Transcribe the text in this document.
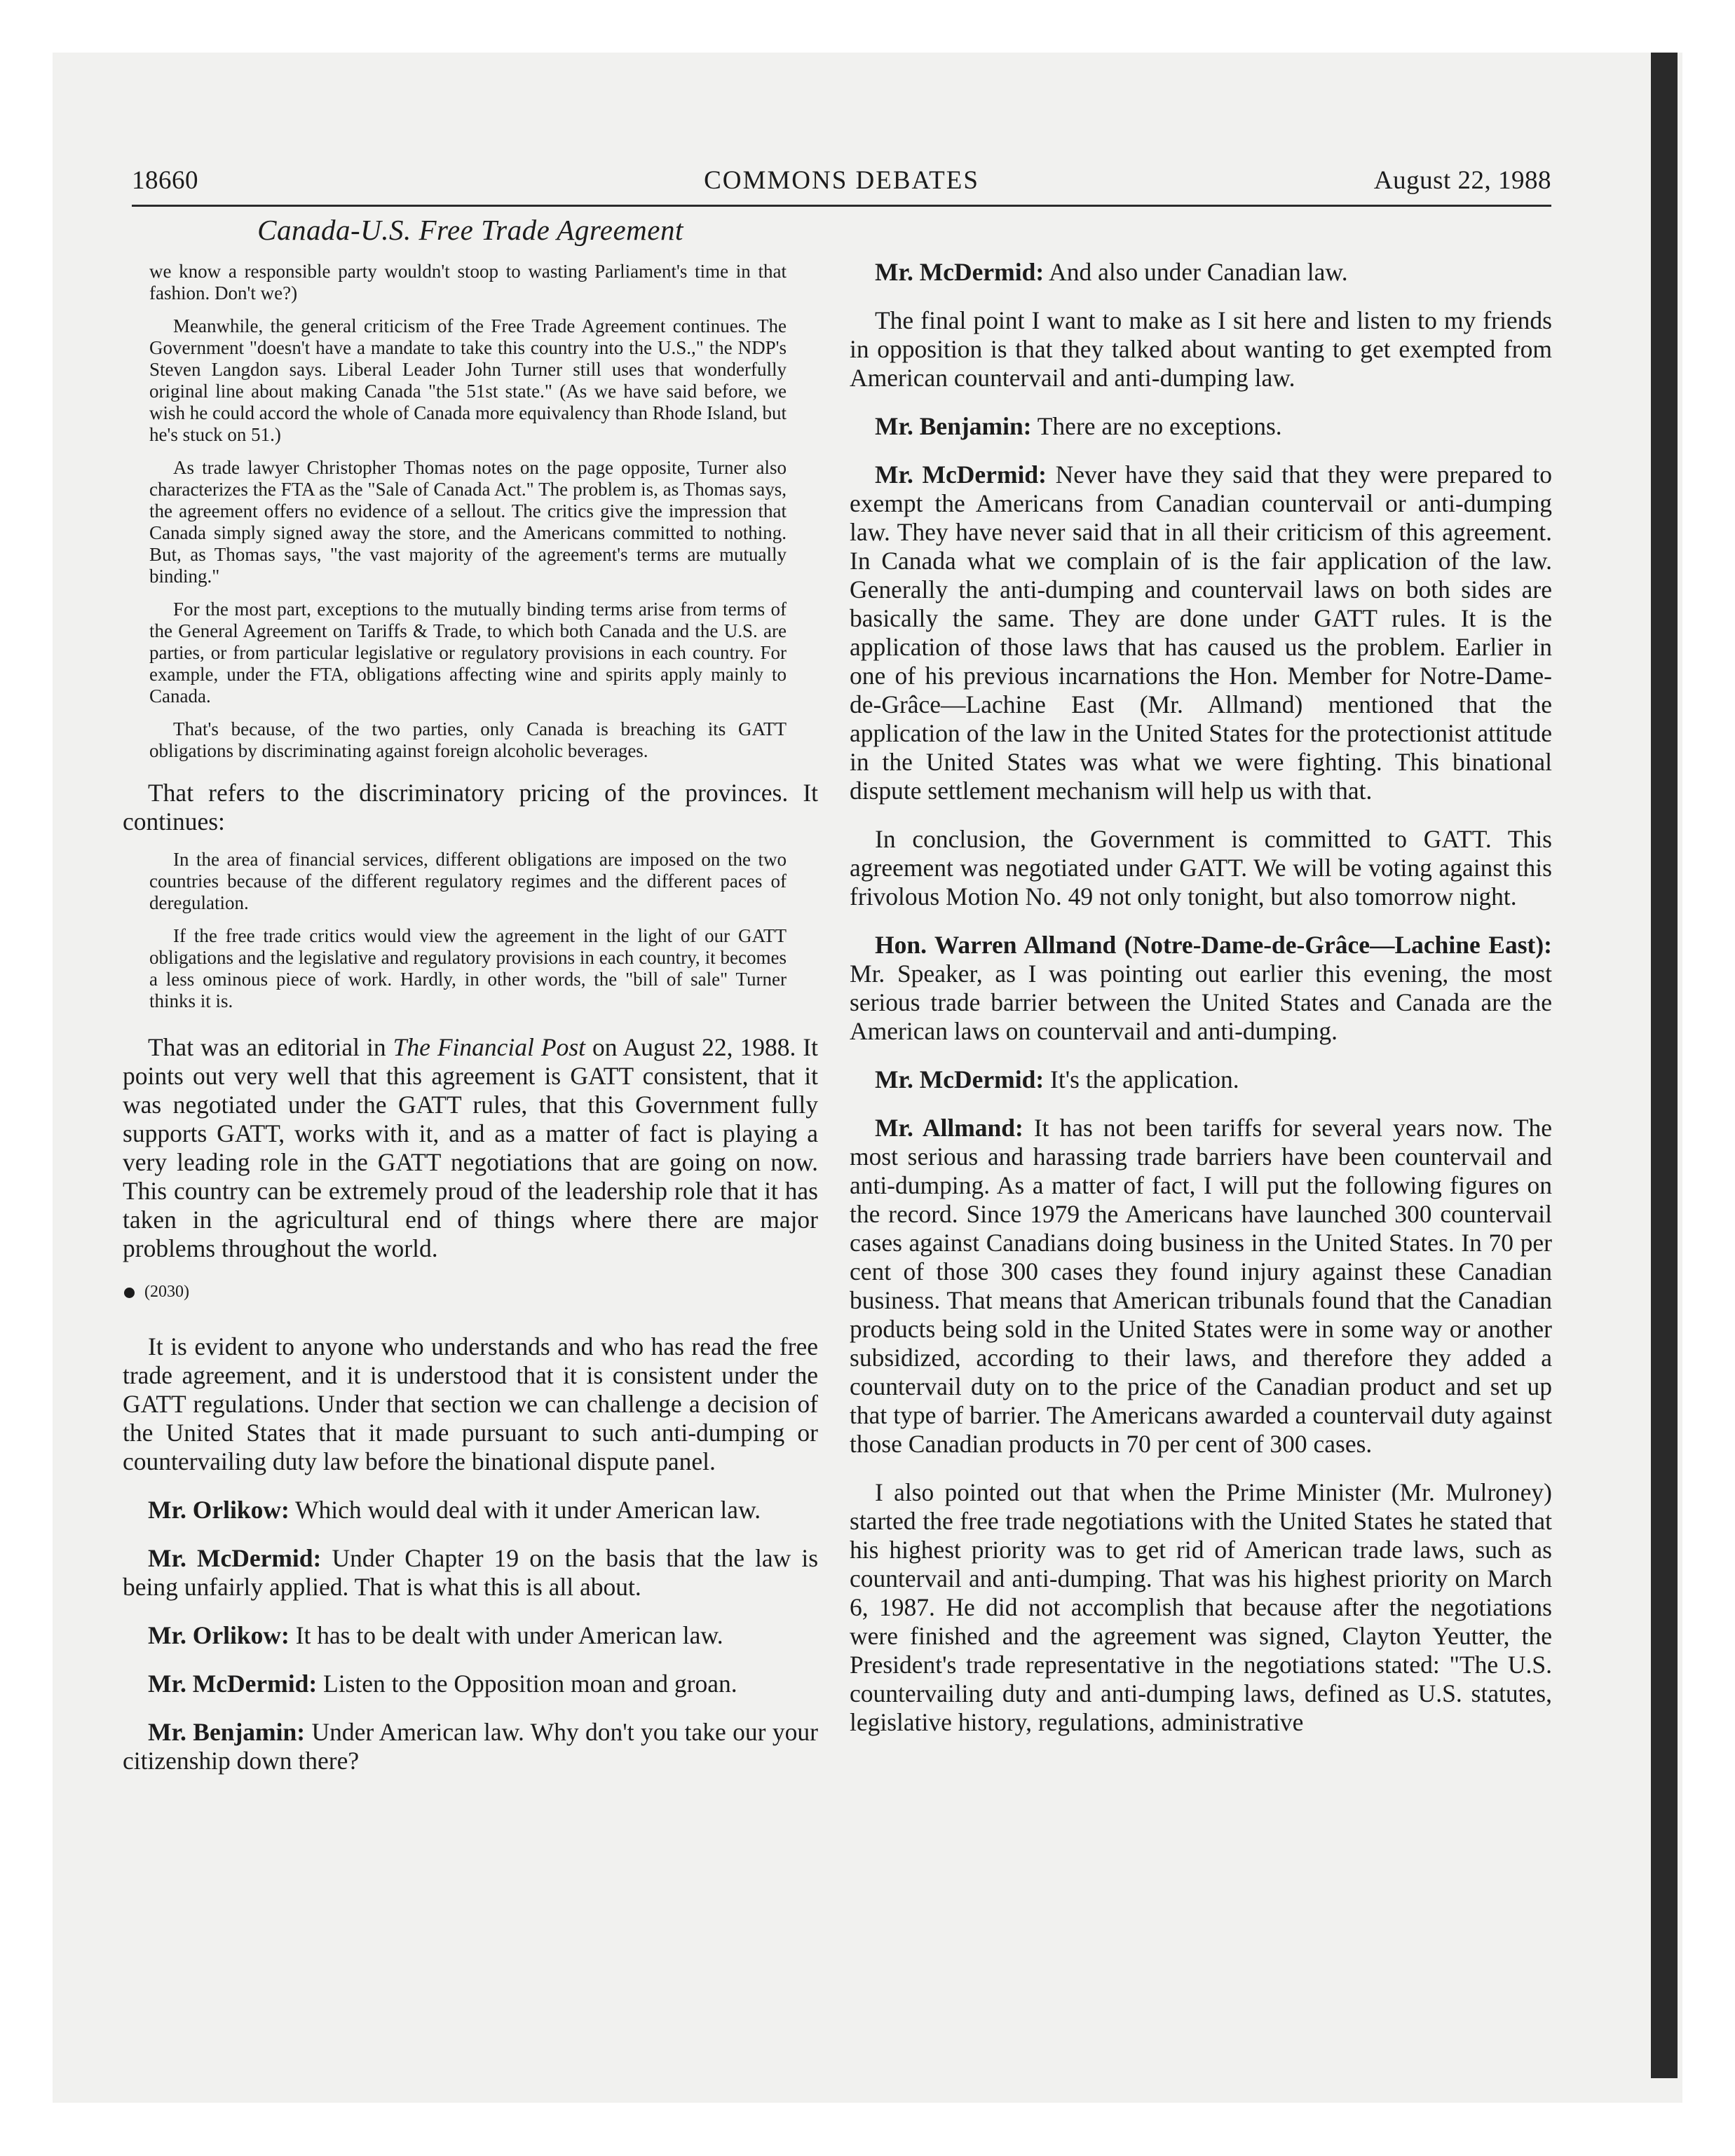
18660	COMMONS DEBATES	August 22, 1988
Canada-U.S. Free Trade Agreement

we know a responsible party wouldn't stoop to wasting Parliament's time in that fashion. Don't we?)

Meanwhile, the general criticism of the Free Trade Agreement continues. The Government "doesn't have a mandate to take this country into the U.S.," the NDP's Steven Langdon says. Liberal Leader John Turner still uses that wonderfully original line about making Canada "the 51st state." (As we have said before, we wish he could accord the whole of Canada more equivalency than Rhode Island, but he's stuck on 51.)

As trade lawyer Christopher Thomas notes on the page opposite, Turner also characterizes the FTA as the "Sale of Canada Act." The problem is, as Thomas says, the agreement offers no evidence of a sellout. The critics give the impression that Canada simply signed away the store, and the Americans committed to nothing. But, as Thomas says, "the vast majority of the agreement's terms are mutually binding."

For the most part, exceptions to the mutually binding terms arise from terms of the General Agreement on Tariffs & Trade, to which both Canada and the U.S. are parties, or from particular legislative or regulatory provisions in each country. For example, under the FTA, obligations affecting wine and spirits apply mainly to Canada.

That's because, of the two parties, only Canada is breaching its GATT obligations by discriminating against foreign alcoholic beverages.

That refers to the discriminatory pricing of the provinces. It continues:

In the area of financial services, different obligations are imposed on the two countries because of the different regulatory regimes and the different paces of deregulation.

If the free trade critics would view the agreement in the light of our GATT obligations and the legislative and regulatory provisions in each country, it becomes a less ominous piece of work. Hardly, in other words, the "bill of sale" Turner thinks it is.

That was an editorial in The Financial Post on August 22, 1988. It points out very well that this agreement is GATT consistent, that it was negotiated under the GATT rules, that this Government fully supports GATT, works with it, and as a matter of fact is playing a very leading role in the GATT negotiations that are going on now. This country can be extremely proud of the leadership role that it has taken in the agricultural end of things where there are major problems throughout the world.

(2030)

It is evident to anyone who understands and who has read the free trade agreement, and it is understood that it is consistent under the GATT regulations. Under that section we can challenge a decision of the United States that it made pursuant to such anti-dumping or countervailing duty law before the binational dispute panel.

Mr. Orlikow: Which would deal with it under American law.

Mr. McDermid: Under Chapter 19 on the basis that the law is being unfairly applied. That is what this is all about.

Mr. Orlikow: It has to be dealt with under American law.

Mr. McDermid: Listen to the Opposition moan and groan.

Mr. Benjamin: Under American law. Why don't you take our your citizenship down there?

Mr. McDermid: And also under Canadian law.

The final point I want to make as I sit here and listen to my friends in opposition is that they talked about wanting to get exempted from American countervail and anti-dumping law.

Mr. Benjamin: There are no exceptions.

Mr. McDermid: Never have they said that they were prepared to exempt the Americans from Canadian countervail or anti-dumping law. They have never said that in all their criticism of this agreement. In Canada what we complain of is the fair application of the law. Generally the anti-dumping and countervail laws on both sides are basically the same. They are done under GATT rules. It is the application of those laws that has caused us the problem. Earlier in one of his previous incarnations the Hon. Member for Notre-Dame-de-Grâce—Lachine East (Mr. Allmand) mentioned that the application of the law in the United States for the protectionist attitude in the United States was what we were fighting. This binational dispute settlement mechanism will help us with that.

In conclusion, the Government is committed to GATT. This agreement was negotiated under GATT. We will be voting against this frivolous Motion No. 49 not only tonight, but also tomorrow night.

Hon. Warren Allmand (Notre-Dame-de-Grâce—Lachine East): Mr. Speaker, as I was pointing out earlier this evening, the most serious trade barrier between the United States and Canada are the American laws on countervail and anti-dumping.

Mr. McDermid: It's the application.

Mr. Allmand: It has not been tariffs for several years now. The most serious and harassing trade barriers have been countervail and anti-dumping. As a matter of fact, I will put the following figures on the record. Since 1979 the Americans have launched 300 countervail cases against Canadians doing business in the United States. In 70 per cent of those 300 cases they found injury against these Canadian business. That means that American tribunals found that the Canadian products being sold in the United States were in some way or another subsidized, according to their laws, and therefore they added a countervail duty on to the price of the Canadian product and set up that type of barrier. The Americans awarded a countervail duty against those Canadian products in 70 per cent of 300 cases.

I also pointed out that when the Prime Minister (Mr. Mulroney) started the free trade negotiations with the United States he stated that his highest priority was to get rid of American trade laws, such as countervail and anti-dumping. That was his highest priority on March 6, 1987. He did not accomplish that because after the negotiations were finished and the agreement was signed, Clayton Yeutter, the President's trade representative in the negotiations stated: "The U.S. countervailing duty and anti-dumping laws, defined as U.S. statutes, legislative history, regulations, administrative
